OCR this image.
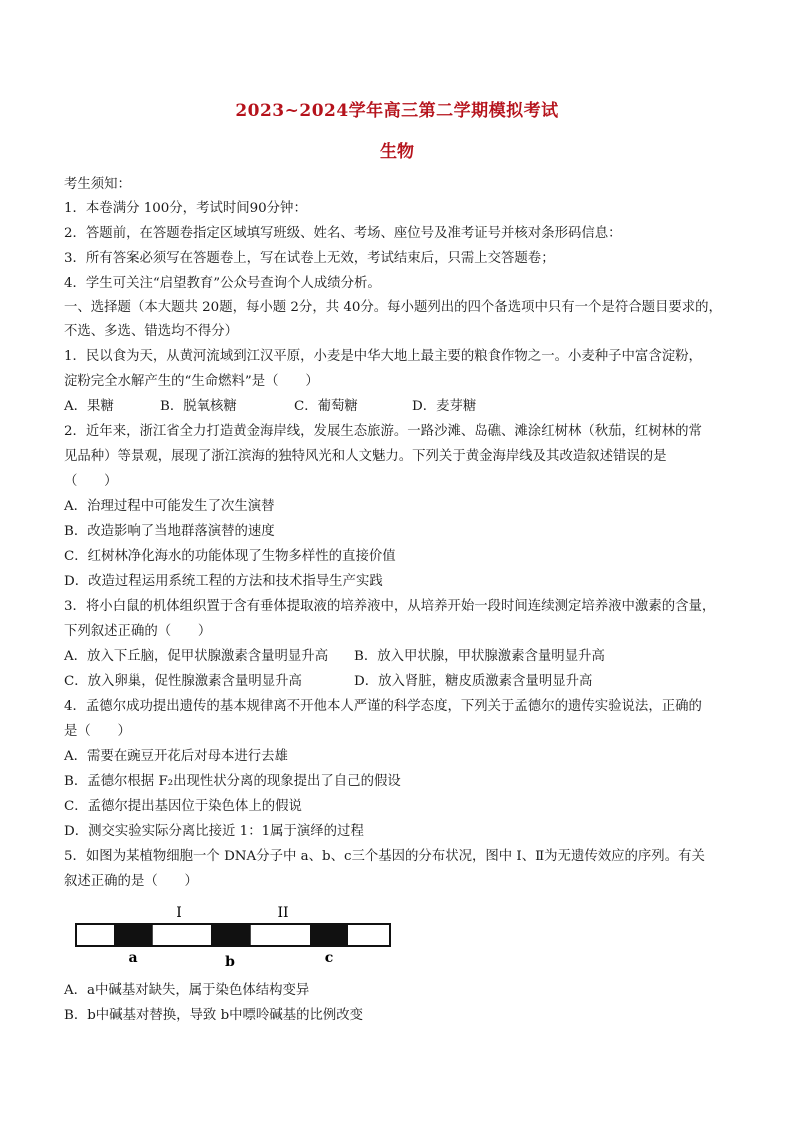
2023~2024学年高三第二学期模拟考试
生物
考生须知：
1．本卷满分 100分，考试时间90分钟：
2．答题前，在答题卷指定区域填写班级、姓名、考场、座位号及准考证号并核对条形码信息：
3．所有答案必须写在答题卷上，写在试卷上无效，考试结束后，只需上交答题卷；
4．学生可关注“启望教育”公众号查询个人成绩分析。
一、选择题（本大题共 20题，每小题 2分，共 40分。每小题列出的四个备选项中只有一个是符合题目要求的，
不选、多选、错选均不得分）
1．民以食为天，从黄河流域到江汉平原，小麦是中华大地上最主要的粮食作物之一。小麦种子中富含淀粉，
淀粉完全水解产生的“生命燃料”是（　　）
A．果糖	B．脱氧核糖	C．葡萄糖	D．麦芽糖
2．近年来，浙江省全力打造黄金海岸线，发展生态旅游。一路沙滩、岛礁、滩涂红树林（秋茄，红树林的常
见品种）等景观，展现了浙江滨海的独特风光和人文魅力。下列关于黄金海岸线及其改造叙述错误的是
（　　）
A．治理过程中可能发生了次生演替
B．改造影响了当地群落演替的速度
C．红树林净化海水的功能体现了生物多样性的直接价值
D．改造过程运用系统工程的方法和技术指导生产实践
3．将小白鼠的机体组织置于含有垂体提取液的培养液中，从培养开始一段时间连续测定培养液中激素的含量，
下列叙述正确的（　　）
A．放入下丘脑，促甲状腺激素含量明显升高 B．放入甲状腺，甲状腺激素含量明显升高
C．放入卵巢，促性腺激素含量明显升高	D．放入肾脏，糖皮质激素含量明显升高
4．孟德尔成功提出遗传的基本规律离不开他本人严谨的科学态度，下列关于孟德尔的遗传实验说法，正确的
是（　　）
A．需要在豌豆开花后对母本进行去雄
B．孟德尔根据 F₂出现性状分离的现象提出了自己的假设
C．孟德尔提出基因位于染色体上的假说
D．测交实验实际分离比接近 1：1属于演绎的过程
5．如图为某植物细胞一个 DNA分子中 a、b、c三个基因的分布状况，图中 Ⅰ、Ⅱ为无遗传效应的序列。有关
叙述正确的是（　　）
I	II
a	b	c
A．a中碱基对缺失，属于染色体结构变异
B．b中碱基对替换，导致 b中嘌呤碱基的比例改变
